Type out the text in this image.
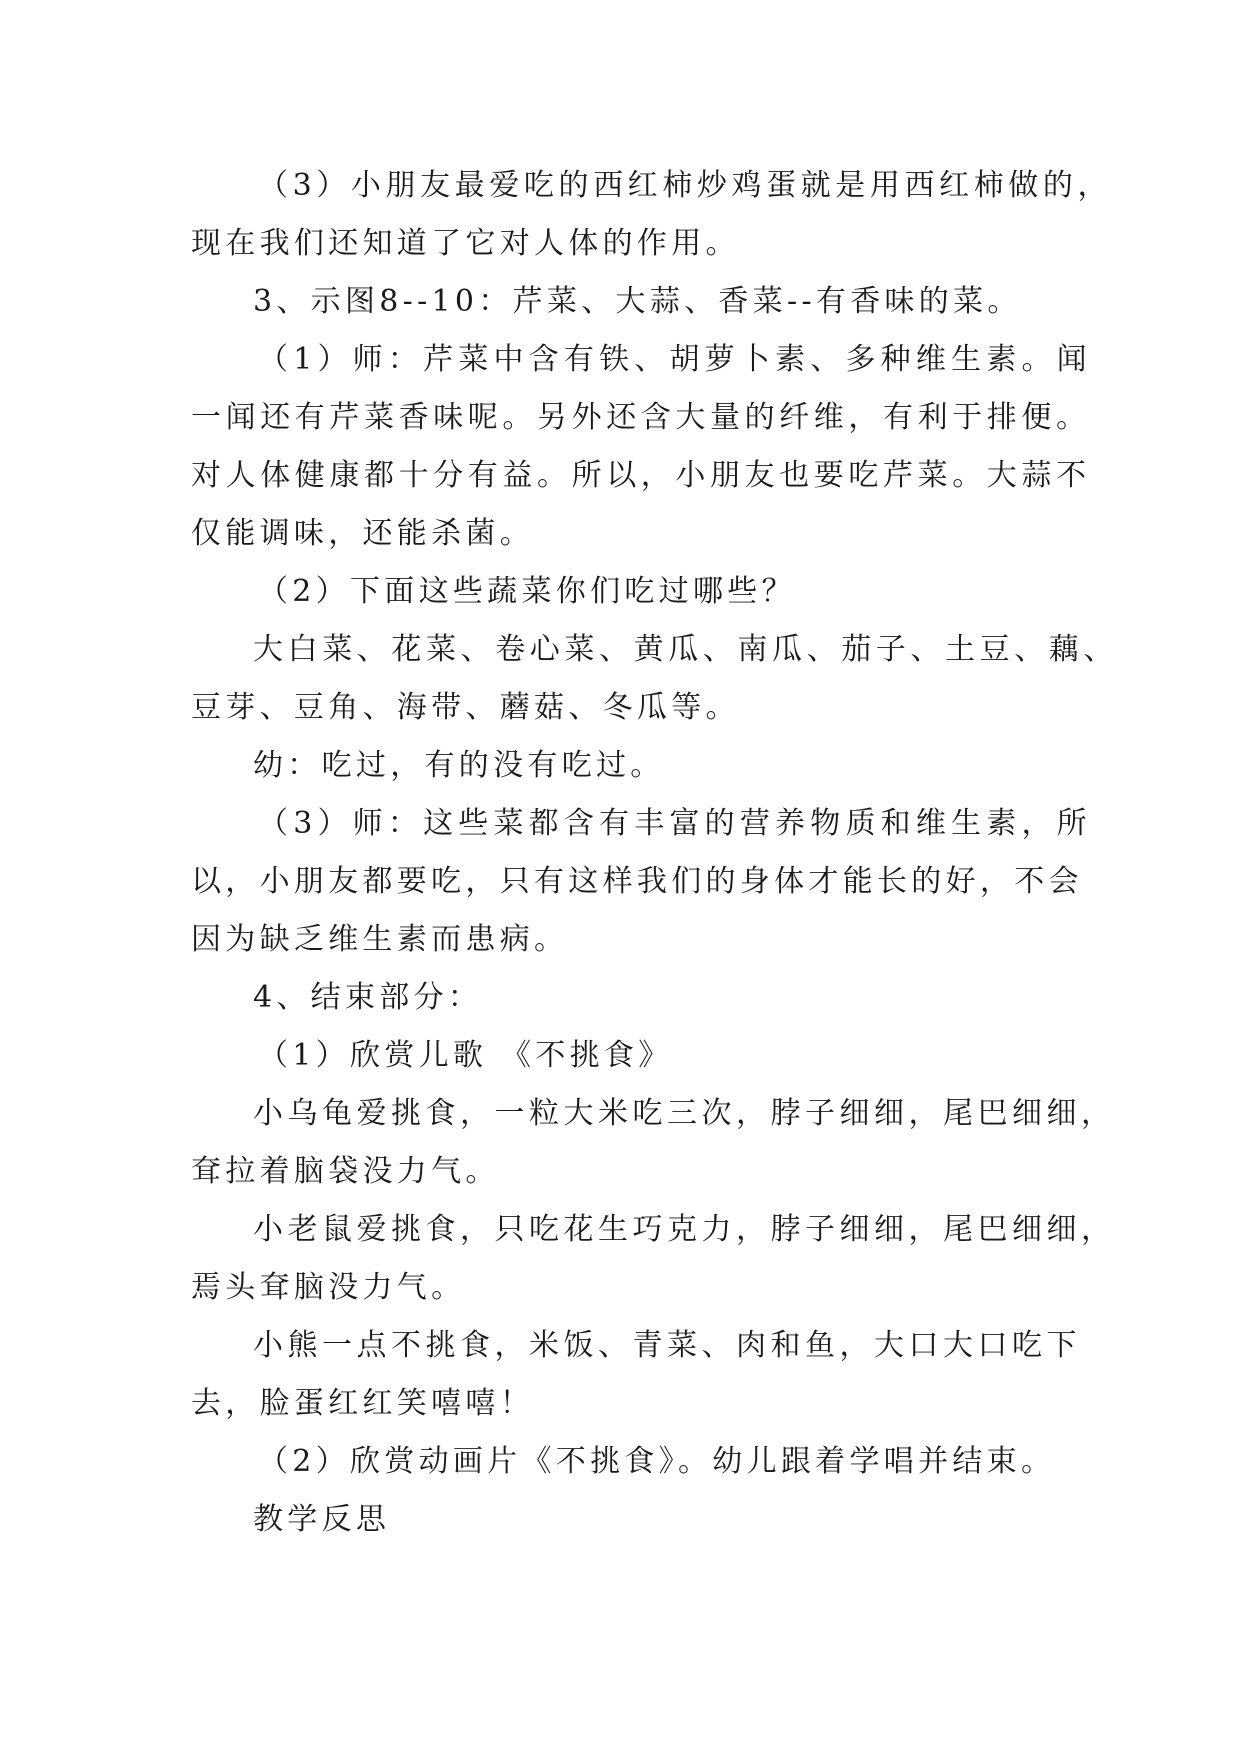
（3）小朋友最爱吃的西红柿炒鸡蛋就是用西红柿做的，
现在我们还知道了它对人体的作用。
3、示图8--10：芹菜、大蒜、香菜--有香味的菜。
（1）师：芹菜中含有铁、胡萝卜素、多种维生素。闻
一闻还有芹菜香味呢。另外还含大量的纤维，有利于排便。
对人体健康都十分有益。所以，小朋友也要吃芹菜。大蒜不
仅能调味，还能杀菌。
（2）下面这些蔬菜你们吃过哪些？
大白菜、花菜、卷心菜、黄瓜、南瓜、茄子、土豆、藕、
豆芽、豆角、海带、蘑菇、冬瓜等。
幼：吃过，有的没有吃过。
（3）师：这些菜都含有丰富的营养物质和维生素，所
以，小朋友都要吃，只有这样我们的身体才能长的好，不会
因为缺乏维生素而患病。
4、结束部分：
（1）欣赏儿歌 《不挑食》
小乌龟爱挑食，一粒大米吃三次，脖子细细，尾巴细细，
耷拉着脑袋没力气。
小老鼠爱挑食，只吃花生巧克力，脖子细细，尾巴细细，
焉头耷脑没力气。
小熊一点不挑食，米饭、青菜、肉和鱼，大口大口吃下
去，脸蛋红红笑嘻嘻！
（2）欣赏动画片《不挑食》。幼儿跟着学唱并结束。
教学反思
